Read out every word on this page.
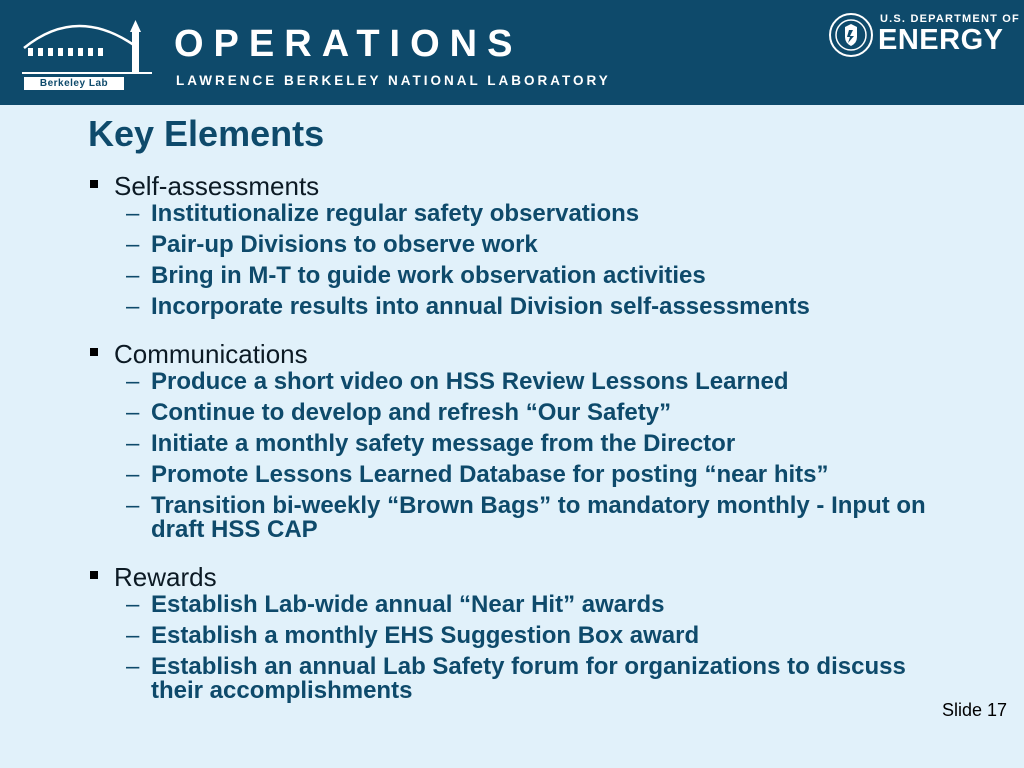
Berkeley Lab
OPERATIONS
LAWRENCE BERKELEY NATIONAL LABORATORY
U.S. DEPARTMENT OF
ENERGY
Key Elements
Self-assessments
– Institutionalize regular safety observations
– Pair-up Divisions to observe work
– Bring in M-T to guide work observation activities
– Incorporate results into annual Division self-assessments
Communications
– Produce a short video on HSS Review Lessons Learned
– Continue to develop and refresh “Our Safety”
– Initiate a monthly safety message from the Director
– Promote Lessons Learned Database for posting “near hits”
– Transition bi-weekly “Brown Bags” to mandatory monthly - Input on draft HSS CAP
Rewards
– Establish Lab-wide annual “Near Hit” awards
– Establish a monthly EHS Suggestion Box award
– Establish an annual Lab Safety forum for organizations to discuss their accomplishments
Slide 17
